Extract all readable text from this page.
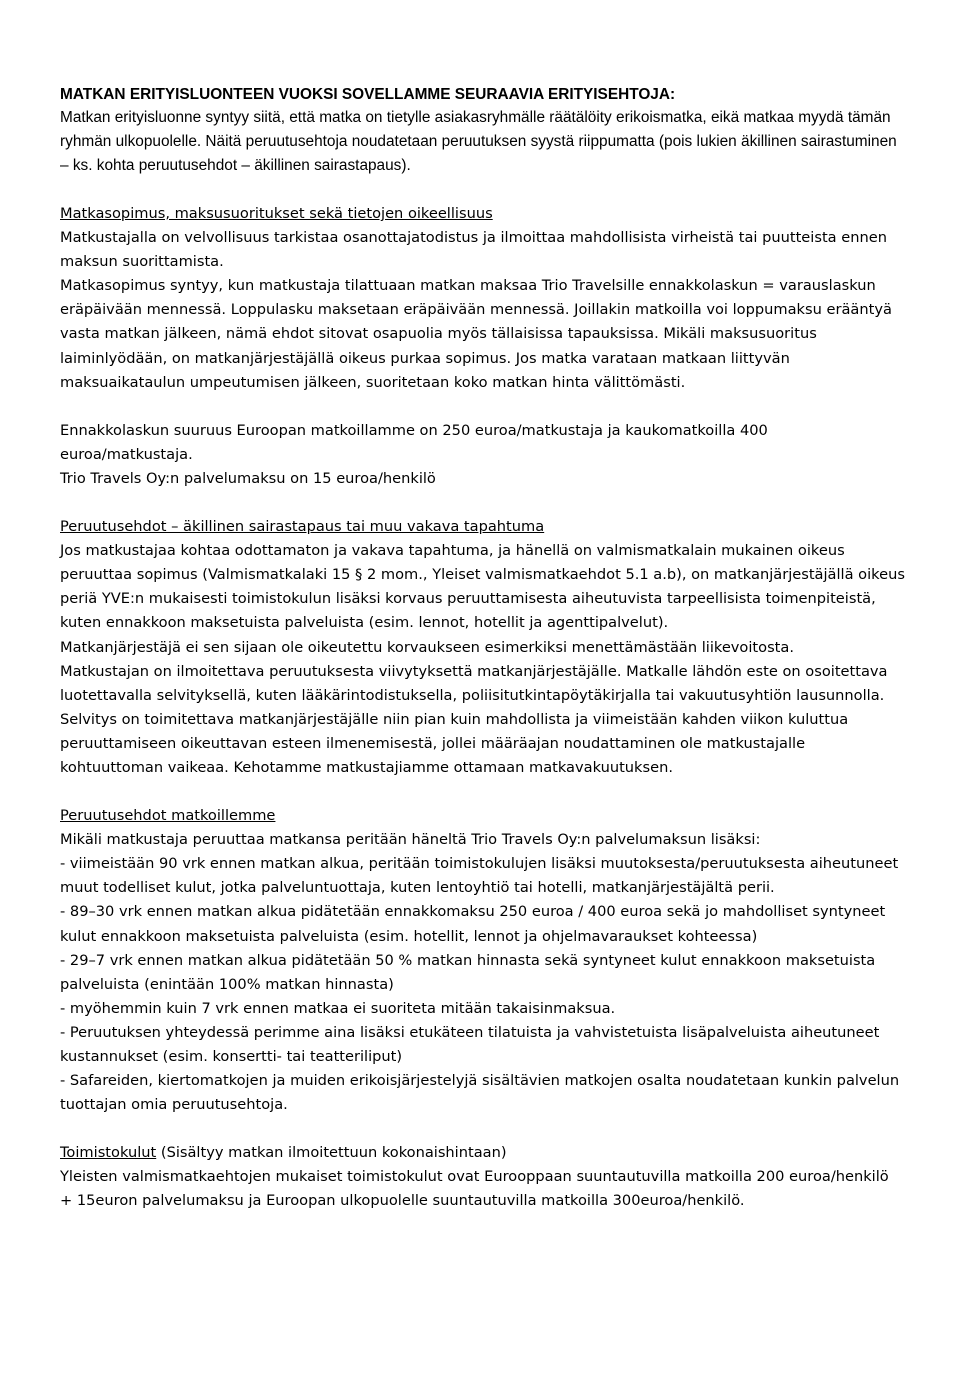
MATKAN ERITYISLUONTEEN VUOKSI SOVELLAMME SEURAAVIA ERITYISEHTOJA:

Matkan erityisluonne syntyy siitä, että matka on tietylle asiakasryhmälle räätälöity erikoismatka, eikä matkaa myydä tämän ryhmän ulkopuolelle. Näitä peruutusehtoja noudatetaan peruutuksen syystä riippumatta (pois lukien äkillinen sairastuminen – ks. kohta peruutusehdot – äkillinen sairastapaus).

Matkasopimus, maksusuoritukset sekä tietojen oikeellisuus

Matkustajalla on velvollisuus tarkistaa osanottajatodistus ja ilmoittaa mahdollisista virheistä tai puutteista ennen maksun suorittamista.

Matkasopimus syntyy, kun matkustaja tilattuaan matkan maksaa Trio Travelsille ennakkolaskun = varauslaskun eräpäivään mennessä. Loppulasku maksetaan eräpäivään mennessä. Joillakin matkoilla voi loppumaksu erääntyä vasta matkan jälkeen, nämä ehdot sitovat osapuolia myös tällaisissa tapauksissa. Mikäli maksusuoritus laiminlyödään, on matkanjärjestäjällä oikeus purkaa sopimus. Jos matka varataan matkaan liittyvän maksuaikataulun umpeutumisen jälkeen, suoritetaan koko matkan hinta välittömästi.

Ennakkolaskun suuruus Euroopan matkoillamme on 250 euroa/matkustaja ja kaukomatkoilla 400 euroa/matkustaja.

Trio Travels Oy:n palvelumaksu on 15 euroa/henkilö

Peruutusehdot – äkillinen sairastapaus tai muu vakava tapahtuma

Jos matkustajaa kohtaa odottamaton ja vakava tapahtuma, ja hänellä on valmismatkalain mukainen oikeus peruuttaa sopimus (Valmismatkalaki 15 § 2 mom., Yleiset valmismatkaehdot 5.1 a.b), on matkanjärjestäjällä oikeus periä YVE:n mukaisesti toimistokulun lisäksi korvaus peruuttamisesta aiheutuvista tarpeellisista toimenpiteistä, kuten ennakkoon maksetuista palveluista (esim. lennot, hotellit ja agenttipalvelut).

Matkanjärjestäjä ei sen sijaan ole oikeutettu korvaukseen esimerkiksi menettämästään liikevoitosta.

Matkustajan on ilmoitettava peruutuksesta viivytyksettä matkanjärjestäjälle. Matkalle lähdön este on osoitettava luotettavalla selvityksellä, kuten lääkärintodistuksella, poliisitutkintapöytäkirjalla tai vakuutusyhtiön lausunnolla. Selvitys on toimitettava matkanjärjestäjälle niin pian kuin mahdollista ja viimeistään kahden viikon kuluttua peruuttamiseen oikeuttavan esteen ilmenemisestä, jollei määräajan noudattaminen ole matkustajalle kohtuuttoman vaikeaa. Kehotamme matkustajiamme ottamaan matkavakuutuksen.

Peruutusehdot matkoillemme

Mikäli matkustaja peruuttaa matkansa peritään häneltä Trio Travels Oy:n palvelumaksun lisäksi:

- viimeistään 90 vrk ennen matkan alkua, peritään toimistokulujen lisäksi muutoksesta/peruutuksesta aiheutuneet muut todelliset kulut, jotka palveluntuottaja, kuten lentoyhtiö tai hotelli, matkanjärjestäjältä perii.

- 89–30 vrk ennen matkan alkua pidätetään ennakkomaksu 250 euroa / 400 euroa sekä jo mahdolliset syntyneet kulut ennakkoon maksetuista palveluista (esim. hotellit, lennot ja ohjelmavaraukset kohteessa)

- 29–7 vrk ennen matkan alkua pidätetään 50 % matkan hinnasta sekä syntyneet kulut ennakkoon maksetuista palveluista (enintään 100% matkan hinnasta)

- myöhemmin kuin 7 vrk ennen matkaa ei suoriteta mitään takaisinmaksua.

- Peruutuksen yhteydessä perimme aina lisäksi etukäteen tilatuista ja vahvistetuista lisäpalveluista aiheutuneet kustannukset (esim. konsertti- tai teatteriliput)

- Safareiden, kiertomatkojen ja muiden erikoisjärjestelyjä sisältävien matkojen osalta noudatetaan kunkin palvelun tuottajan omia peruutusehtoja.

Toimistokulut (Sisältyy matkan ilmoitettuun kokonaishintaan)

Yleisten valmismatkaehtojen mukaiset toimistokulut ovat Eurooppaan suuntautuvilla matkoilla 200 euroa/henkilö + 15euron palvelumaksu ja Euroopan ulkopuolelle suuntautuvilla matkoilla 300euroa/henkilö.
